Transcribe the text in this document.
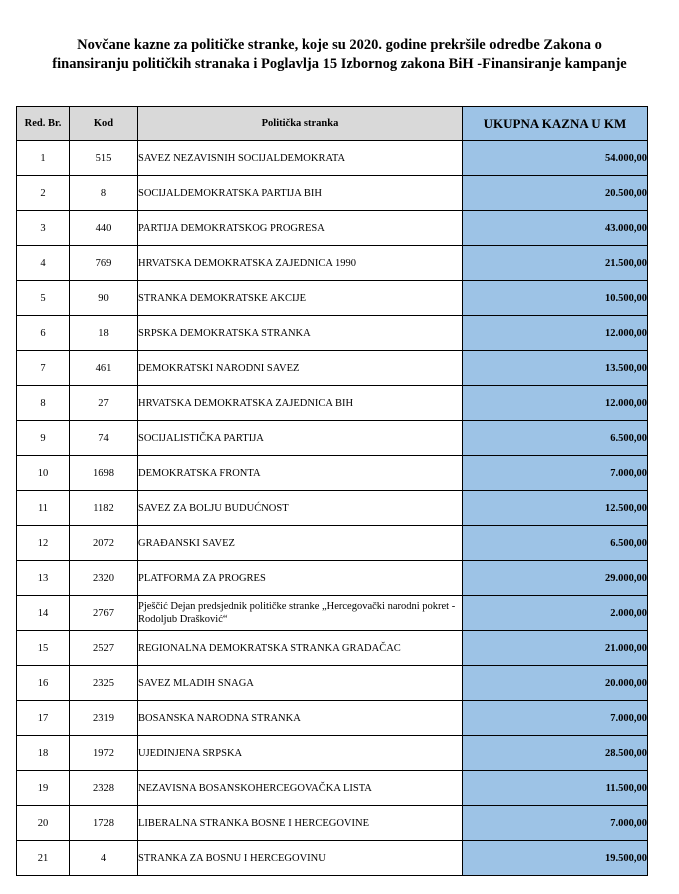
Novčane kazne za političke stranke, koje su 2020. godine prekršile odredbe Zakona o
finansiranju političkih stranaka i Poglavlja 15 Izbornog zakona BiH -Finansiranje kampanje
Red. Br.	Kod	Politička stranka	UKUPNA KAZNA U KM
1	515	SAVEZ NEZAVISNIH SOCIJALDEMOKRATA	54.000,00
2	8	SOCIJALDEMOKRATSKA PARTIJA BIH	20.500,00
3	440	PARTIJA DEMOKRATSKOG PROGRESA	43.000,00
4	769	HRVATSKA DEMOKRATSKA ZAJEDNICA 1990	21.500,00
5	90	STRANKA DEMOKRATSKE AKCIJE	10.500,00
6	18	SRPSKA DEMOKRATSKA STRANKA	12.000,00
7	461	DEMOKRATSKI NARODNI SAVEZ	13.500,00
8	27	HRVATSKA DEMOKRATSKA ZAJEDNICA BIH	12.000,00
9	74	SOCIJALISTIČKA PARTIJA	6.500,00
10	1698	DEMOKRATSKA FRONTA	7.000,00
11	1182	SAVEZ ZA BOLJU BUDUĆNOST	12.500,00
12	2072	GRAĐANSKI SAVEZ	6.500,00
13	2320	PLATFORMA ZA PROGRES	29.000,00
14	2767	Pješčić Dejan predsjednik političke stranke „Hercegovački narodni pokret - Rodoljub Drašković“	2.000,00
15	2527	REGIONALNA DEMOKRATSKA STRANKA GRADAČAC	21.000,00
16	2325	SAVEZ MLADIH SNAGA	20.000,00
17	2319	BOSANSKA NARODNA STRANKA	7.000,00
18	1972	UJEDINJENA SRPSKA	28.500,00
19	2328	NEZAVISNA BOSANSKOHERCEGOVAČKA LISTA	11.500,00
20	1728	LIBERALNA STRANKA BOSNE I HERCEGOVINE	7.000,00
21	4	STRANKA ZA BOSNU I HERCEGOVINU	19.500,00
